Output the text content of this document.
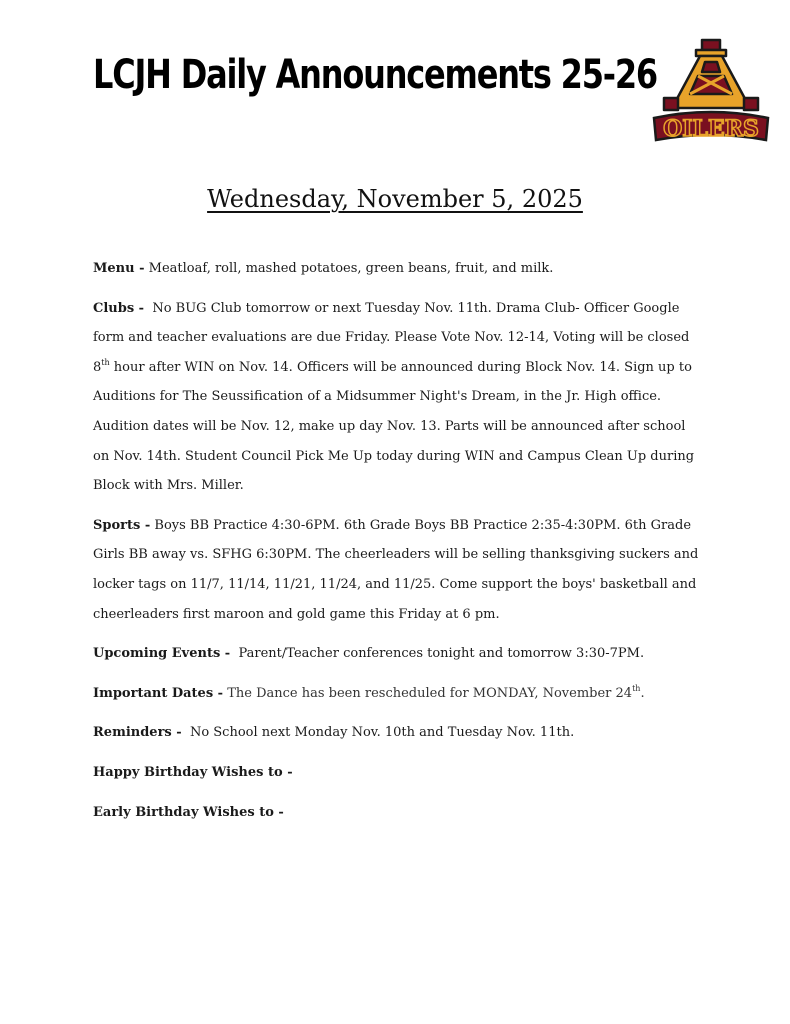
LCJH Daily Announcements 25-26
OILERS
Wednesday, November 5, 2025

Menu - Meatloaf, roll, mashed potatoes, green beans, fruit, and milk.

Clubs - No BUG Club tomorrow or next Tuesday Nov. 11th. Drama Club- Officer Google form and teacher evaluations are due Friday. Please Vote Nov. 12-14, Voting will be closed 8th hour after WIN on Nov. 14. Officers will be announced during Block Nov. 14. Sign up to Auditions for The Seussification of a Midsummer Night's Dream, in the Jr. High office. Audition dates will be Nov. 12, make up day Nov. 13. Parts will be announced after school on Nov. 14th. Student Council Pick Me Up today during WIN and Campus Clean Up during Block with Mrs. Miller.

Sports - Boys BB Practice 4:30-6PM. 6th Grade Boys BB Practice 2:35-4:30PM. 6th Grade Girls BB away vs. SFHG 6:30PM. The cheerleaders will be selling thanksgiving suckers and locker tags on 11/7, 11/14, 11/21, 11/24, and 11/25. Come support the boys' basketball and cheerleaders first maroon and gold game this Friday at 6 pm.

Upcoming Events - Parent/Teacher conferences tonight and tomorrow 3:30-7PM.

Important Dates - The Dance has been rescheduled for MONDAY, November 24th.

Reminders - No School next Monday Nov. 10th and Tuesday Nov. 11th.

Happy Birthday Wishes to -

Early Birthday Wishes to -
